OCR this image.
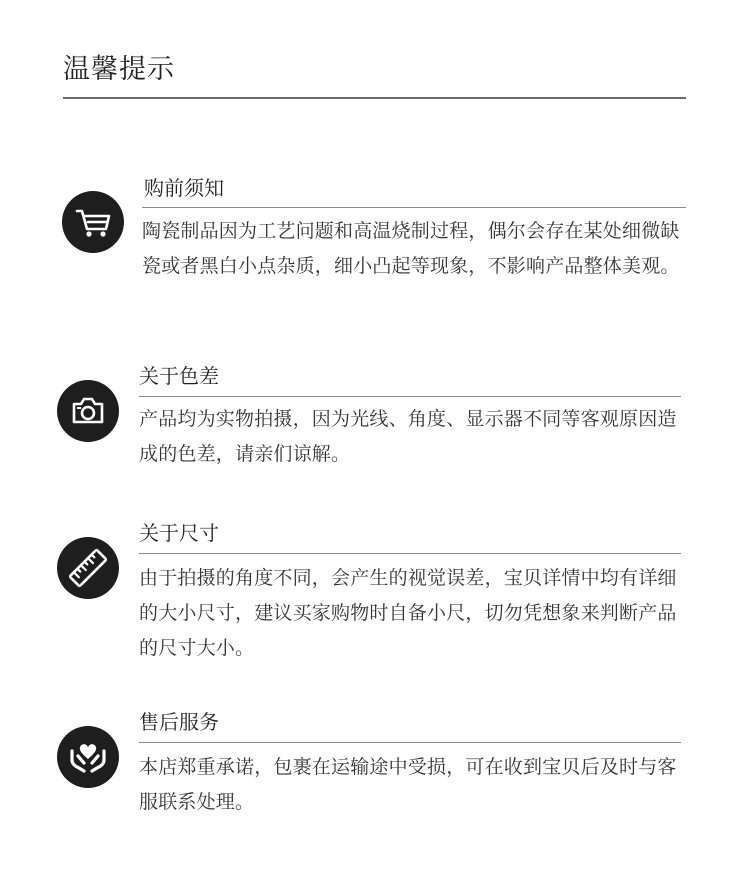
温馨提示
购前须知
陶瓷制品因为工艺问题和高温烧制过程，偶尔会存在某处细微缺瓷或者黑白小点杂质，细小凸起等现象，不影响产品整体美观。
关于色差
产品均为实物拍摄，因为光线、角度、显示器不同等客观原因造成的色差，请亲们谅解。
关于尺寸
由于拍摄的角度不同，会产生的视觉误差，宝贝详情中均有详细的大小尺寸，建议买家购物时自备小尺，切勿凭想象来判断产品的尺寸大小。
售后服务
本店郑重承诺，包裹在运输途中受损，可在收到宝贝后及时与客服联系处理。
